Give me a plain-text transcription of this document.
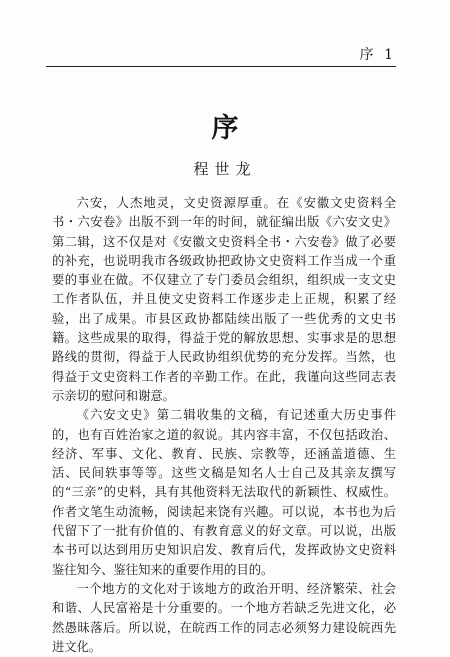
序 1
序
程世龙

六安，人杰地灵，文史资源厚重。在《安徽文史资料全书・六安卷》出版不到一年的时间，就征编出版《六安文史》第二辑，这不仅是对《安徽文史资料全书・六安卷》做了必要的补充，也说明我市各级政协把政协文史资料工作当成一个重要的事业在做。不仅建立了专门委员会组织，组织成一支文史工作者队伍，并且使文史资料工作逐步走上正规，积累了经验，出了成果。市县区政协都陆续出版了一些优秀的文史书籍。这些成果的取得，得益于党的解放思想、实事求是的思想路线的贯彻，得益于人民政协组织优势的充分发挥。当然，也得益于文史资料工作者的辛勤工作。在此，我谨向这些同志表示亲切的慰问和谢意。

《六安文史》第二辑收集的文稿，有记述重大历史事件的，也有百姓治家之道的叙说。其内容丰富，不仅包括政治、经济、军事、文化、教育、民族、宗教等，还涵盖道德、生活、民间轶事等等。这些文稿是知名人士自己及其亲友撰写的“三亲”的史料，具有其他资料无法取代的新颖性、权威性。作者文笔生动流畅，阅读起来饶有兴趣。可以说，本书也为后代留下了一批有价值的、有教育意义的好文章。可以说，出版本书可以达到用历史知识启发、教育后代，发挥政协文史资料鉴往知今、鉴往知来的重要作用的目的。

一个地方的文化对于该地方的政治开明、经济繁荣、社会和谐、人民富裕是十分重要的。一个地方若缺乏先进文化，必然愚昧落后。所以说，在皖西工作的同志必须努力建设皖西先进文化。
